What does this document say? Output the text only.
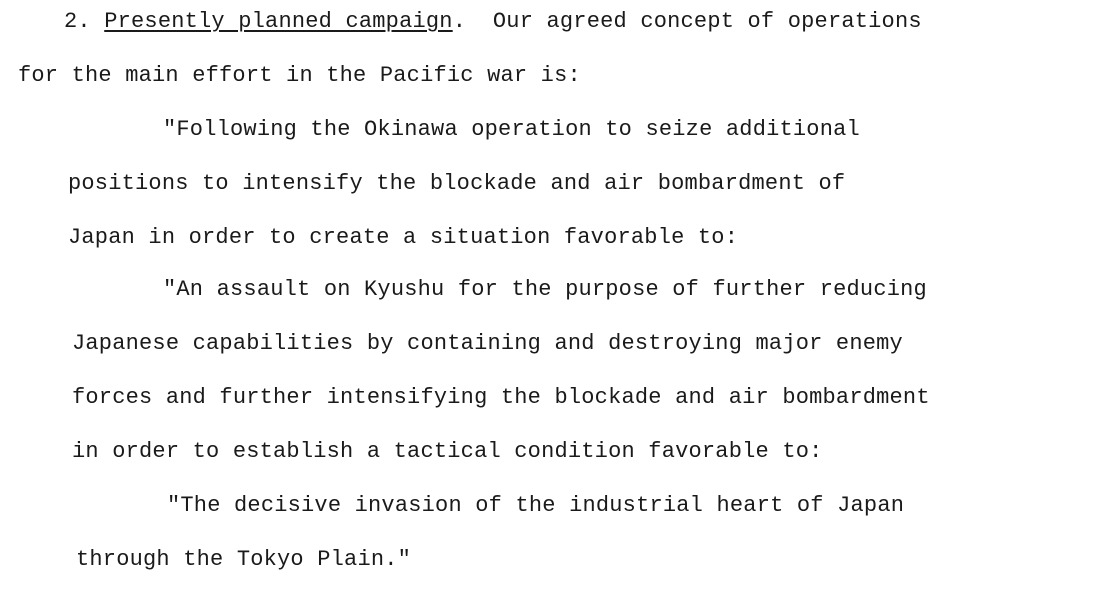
2. Presently planned campaign.  Our agreed concept of operations
for the main effort in the Pacific war is:
"Following the Okinawa operation to seize additional
positions to intensify the blockade and air bombardment of
Japan in order to create a situation favorable to:
"An assault on Kyushu for the purpose of further reducing
Japanese capabilities by containing and destroying major enemy
forces and further intensifying the blockade and air bombardment
in order to establish a tactical condition favorable to:
"The decisive invasion of the industrial heart of Japan
through the Tokyo Plain."
